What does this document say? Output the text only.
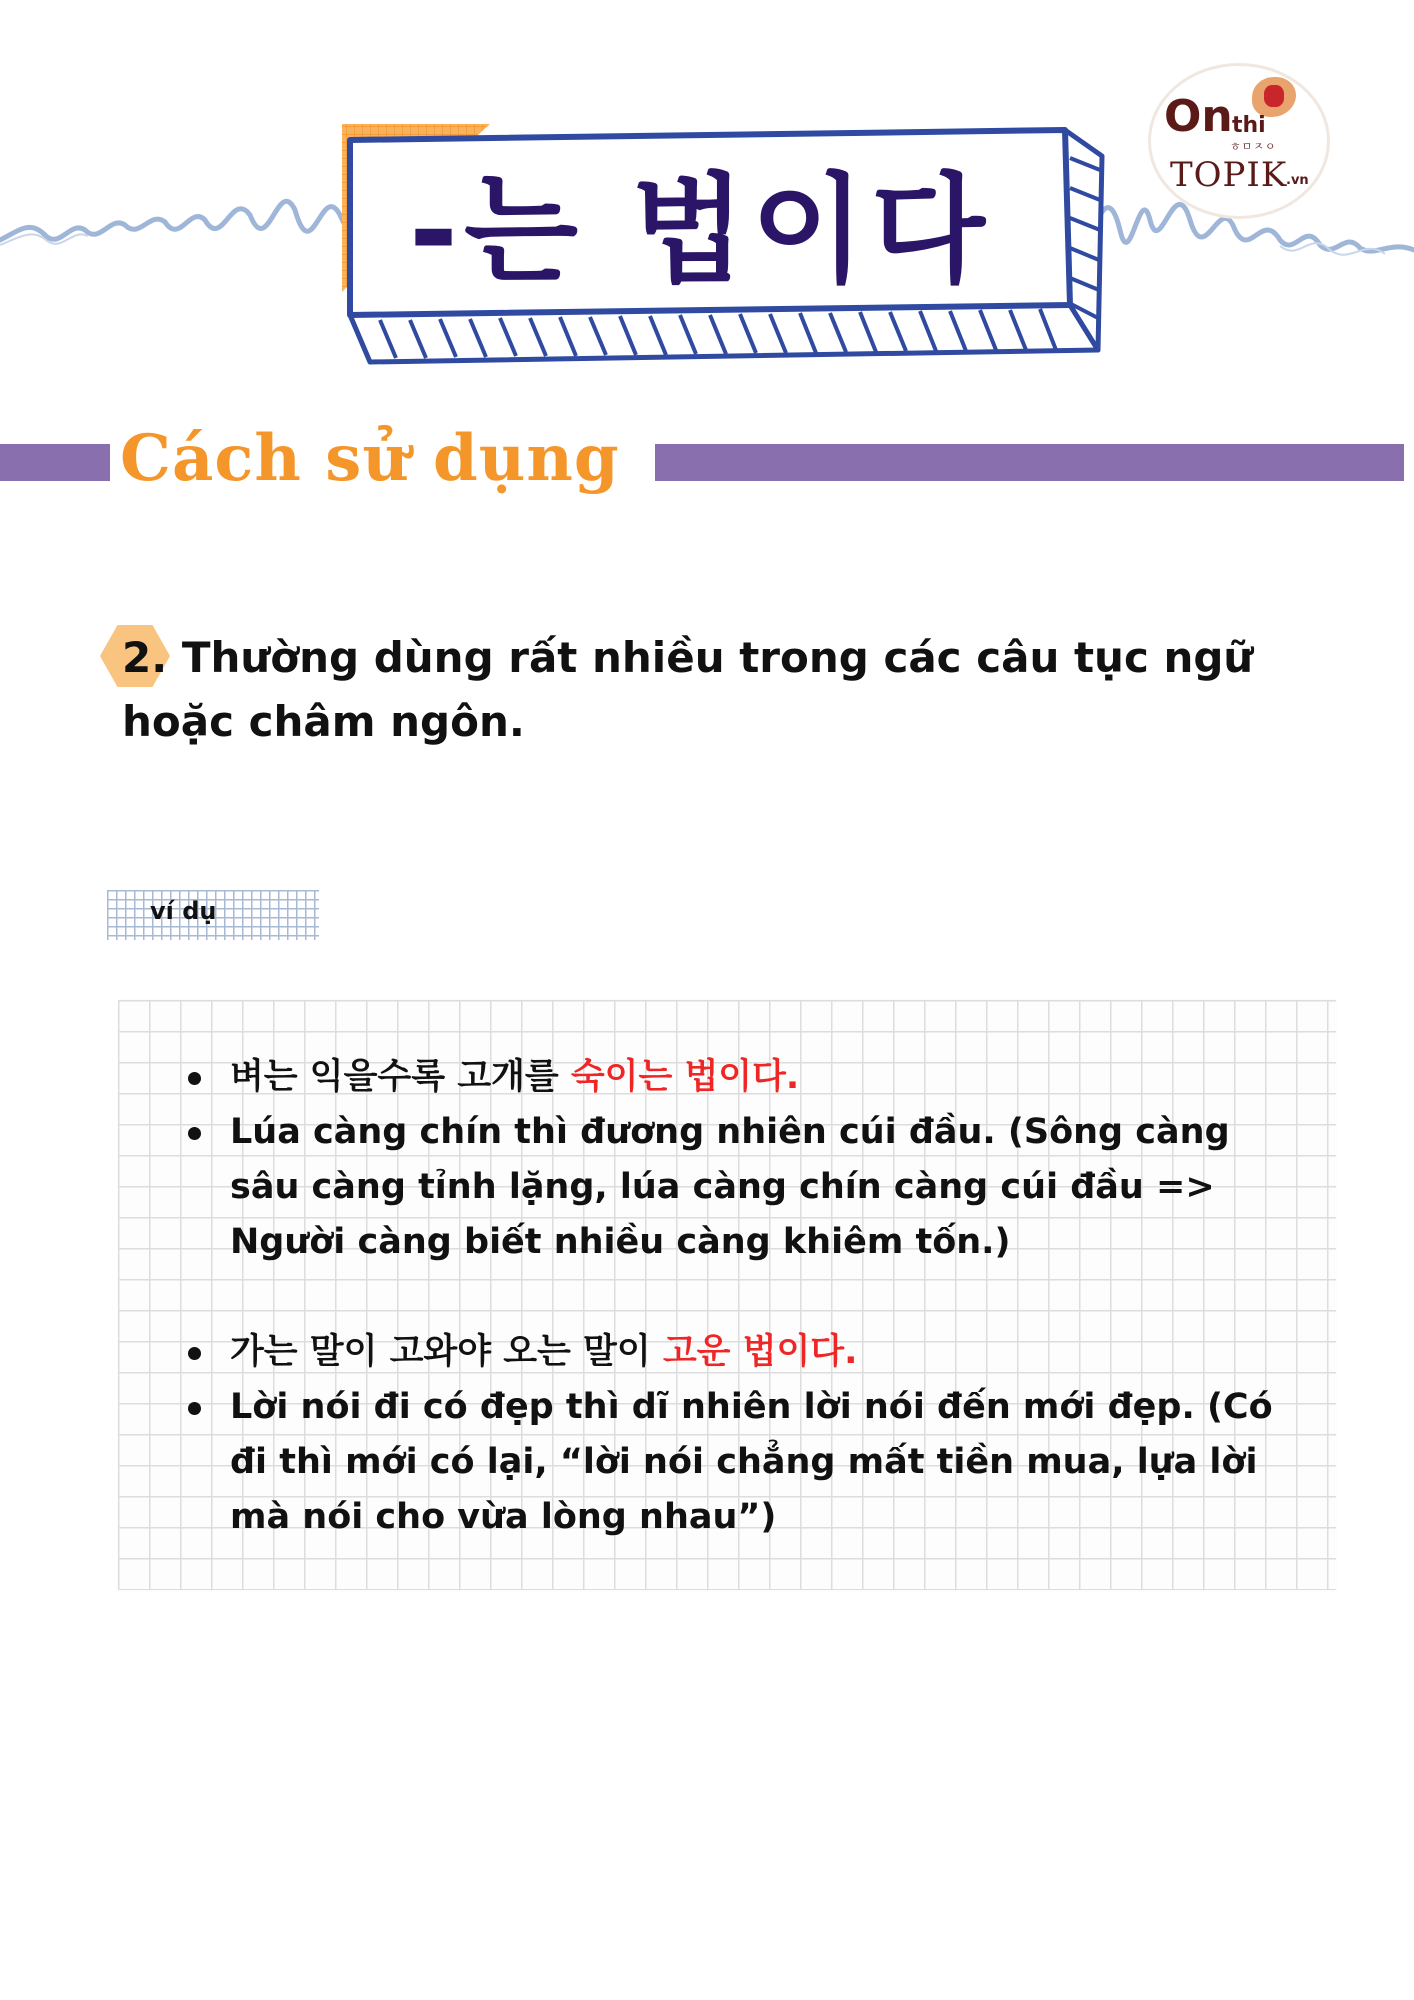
-는 법이다
On thi
ㅎㅁㅈㅇ
TOPIK
.vn
Cách sử dụng
2. Thường dùng rất nhiều trong các câu tục ngữ hoặc châm ngôn.
ví dụ
벼는 익을수록 고개를 숙이는 법이다.
Lúa càng chín thì đương nhiên cúi đầu. (Sông càng sâu càng tỉnh lặng, lúa càng chín càng cúi đầu => Người càng biết nhiều càng khiêm tốn.)
가는 말이 고와야 오는 말이 고운 법이다.
Lời nói đi có đẹp thì dĩ nhiên lời nói đến mới đẹp. (Có đi thì mới có lại, “lời nói chẳng mất tiền mua, lựa lời mà nói cho vừa lòng nhau”)
